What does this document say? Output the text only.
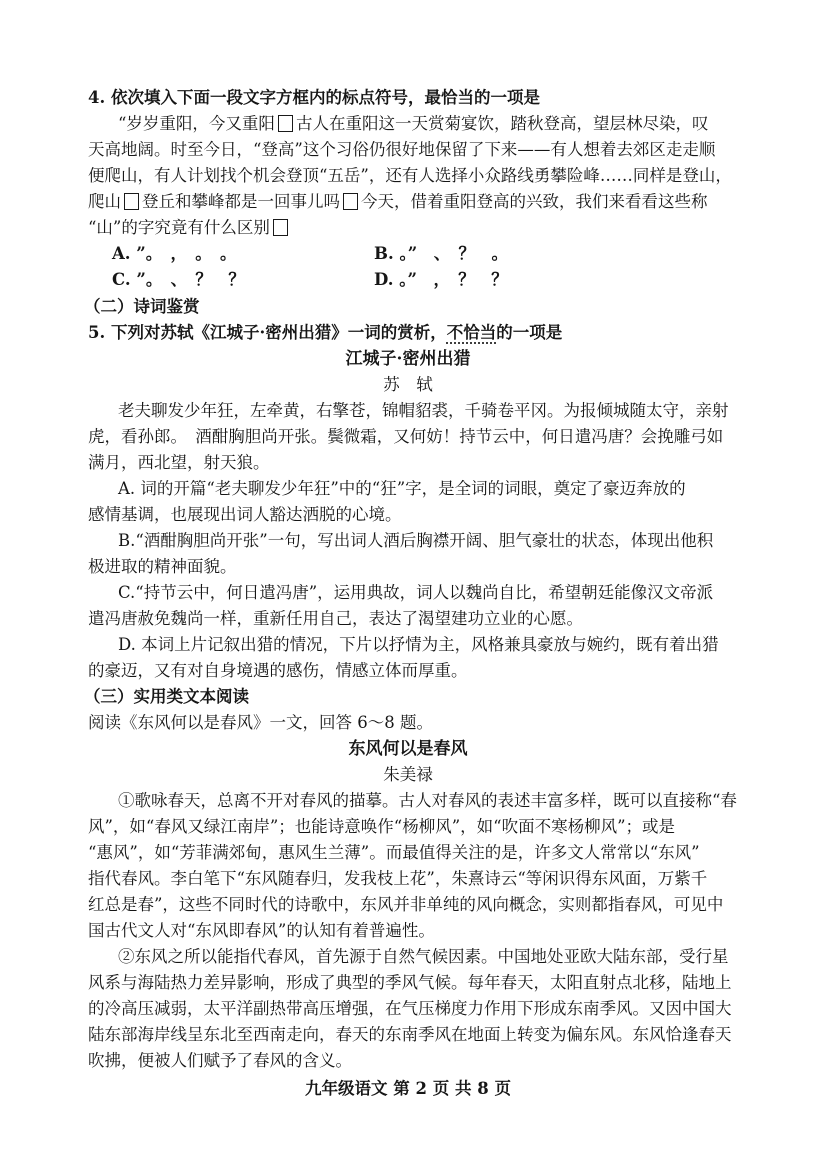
4. 依次填入下面一段文字方框内的标点符号，最恰当的一项是
“岁岁重阳，今又重阳 古人在重阳这一天赏菊宴饮，踏秋登高，望层林尽染，叹
天高地阔。时至今日，“登高”这个习俗仍很好地保留了下来——有人想着去郊区走走顺
便爬山，有人计划找个机会登顶“五岳”，还有人选择小众路线勇攀险峰……同样是登山，
爬山 登丘和攀峰都是一回事儿吗 今天，借着重阳登高的兴致，我们来看看这些称
“山”的字究竟有什么区别
A. ”。　，　。　。	B. 。”　、　？　。
C. ”。　、　？　？	D. 。”　，　？　？
（二）诗词鉴赏
5. 下列对苏轼《江城子·密州出猎》一词的赏析，不恰当的一项是
江城子·密州出猎
苏　轼
老夫聊发少年狂，左牵黄，右擎苍，锦帽貂裘，千骑卷平冈。为报倾城随太守，亲射
虎，看孙郎。　酒酣胸胆尚开张。鬓微霜，又何妨！持节云中，何日遣冯唐？会挽雕弓如
满月，西北望，射天狼。
A. 词的开篇“老夫聊发少年狂”中的“狂”字，是全词的词眼，奠定了豪迈奔放的
感情基调，也展现出词人豁达洒脱的心境。
B.“酒酣胸胆尚开张”一句，写出词人酒后胸襟开阔、胆气豪壮的状态，体现出他积
极进取的精神面貌。
C.“持节云中，何日遣冯唐”，运用典故，词人以魏尚自比，希望朝廷能像汉文帝派
遣冯唐赦免魏尚一样，重新任用自己，表达了渴望建功立业的心愿。
D. 本词上片记叙出猎的情况，下片以抒情为主，风格兼具豪放与婉约，既有着出猎
的豪迈，又有对自身境遇的感伤，情感立体而厚重。
（三）实用类文本阅读
阅读《东风何以是春风》一文，回答 6～8 题。
东风何以是春风
朱美禄
①歌咏春天，总离不开对春风的描摹。古人对春风的表述丰富多样，既可以直接称“春
风”，如“春风又绿江南岸”；也能诗意唤作“杨柳风”，如“吹面不寒杨柳风”；或是
“惠风”，如“芳菲满郊甸，惠风生兰薄”。而最值得关注的是，许多文人常常以“东风”
指代春风。李白笔下“东风随春归，发我枝上花”，朱熹诗云“等闲识得东风面，万紫千
红总是春”，这些不同时代的诗歌中，东风并非单纯的风向概念，实则都指春风，可见中
国古代文人对“东风即春风”的认知有着普遍性。
②东风之所以能指代春风，首先源于自然气候因素。中国地处亚欧大陆东部，受行星
风系与海陆热力差异影响，形成了典型的季风气候。每年春天，太阳直射点北移，陆地上
的冷高压减弱，太平洋副热带高压增强，在气压梯度力作用下形成东南季风。又因中国大
陆东部海岸线呈东北至西南走向，春天的东南季风在地面上转变为偏东风。东风恰逢春天
吹拂，便被人们赋予了春风的含义。
九年级语文 第 2 页 共 8 页
